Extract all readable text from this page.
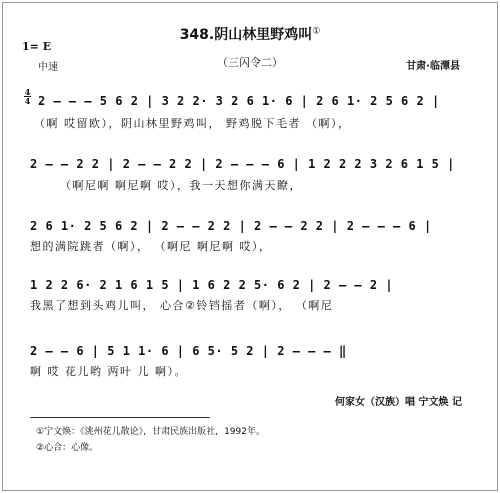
348.阴山林里野鸡叫①
1= E
中速	（三闪令二）	甘肃·临潭县
4
4 2 – – – 5 6 2 | 3 2 2· 3 2 6 1· 6 | 2 6 1· 2 5 6 2 |
（啊 哎留欧），阴山林里野鸡叫， 野鸡脱下毛者 （啊），
2 – – 2 2 | 2 – – 2 2 | 2 – – – 6 | 1 2 2 2 3 2 6 1 5 |
（啊尼啊 啊尼啊 哎），我一天想你满天瞭，
2 6 1· 2 5 6 2 | 2 – – 2 2 | 2 – – 2 2 | 2 – – – 6 |
想的满院跳者（啊）， （啊尼 啊尼啊 哎），
1 2 2 6· 2 1 6 1 5 | 1 6 2 2 5· 6 2 | 2 – – 2 |
我黑了想到头鸡儿叫， 心合②铃铛摇者（啊）， （啊尼
2 – – 6 | 5 1 1· 6 | 6 5· 5 2 | 2 – – – ‖
啊 哎 花儿哟 两叶 儿 啊）。
何家女（汉族）唱 宁文焕 记
①宁文焕：《洮州花儿散论》，甘肃民族出版社，1992年。
②心合：心像。
